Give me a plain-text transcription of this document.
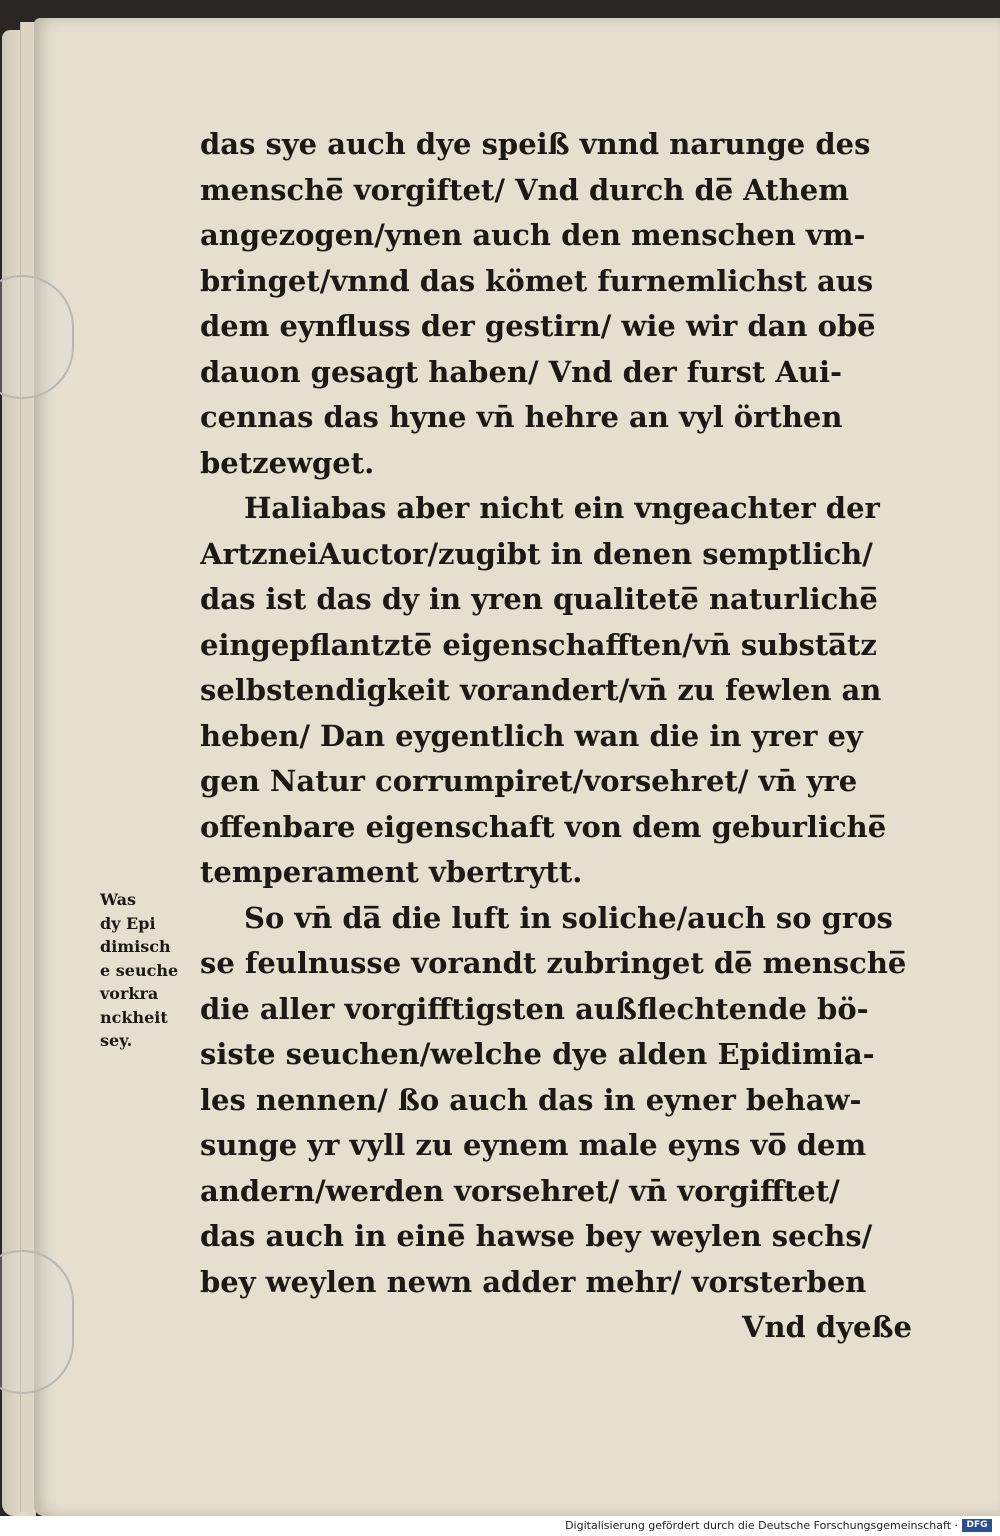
das sye auch dye speiß vnnd narunge des
mensche̅ vorgiftet/ Vnd durch de̅ Athem
angezogen/ynen auch den menschen vm-
bringet/vnnd das kömet furnemlichst aus
dem eynfluss der gestirn/ wie wir dan obe̅
dauon gesagt haben/ Vnd der furst Aui-
cennas das hyne vn̄ hehre an vyl örthen
betzewget.
Haliabas aber nicht ein vngeachter der
ArtzneiAuctor/zugibt in denen semptlich/
das ist das dy in yren qualitete̅ naturliche̅
eingepflantzte̅ eigenschafften/vn̄ substa̅tz
selbstendigkeit vorandert/vn̄ zu fewlen an
heben/ Dan eygentlich wan die in yrer ey
gen Natur corrumpiret/vorsehret/ vn̄ yre
offenbare eigenschaft von dem geburliche̅
temperament vbertrytt.
So vn̄ da̅ die luft in soliche/auch so gros
se feulnusse vorandt zubringet de̅ mensche̅
die aller vorgifftigsten außflechtende bö-
siste seuchen/welche dye alden Epidimia-
les nennen/ ßo auch das in eyner behaw-
sunge yr vyll zu eynem male eyns vo̅ dem
andern/werden vorsehret/ vn̄ vorgifftet/
das auch in eine̅ hawse bey weylen sechs/
bey weylen newn adder mehr/ vorsterben
Vnd dyeße
Was
dy Epi
dimisch
e seuche
vorkra
nckheit
sey.
Digitalisierung gefördert durch die Deutsche Forschungsgemeinschaft · DFG
